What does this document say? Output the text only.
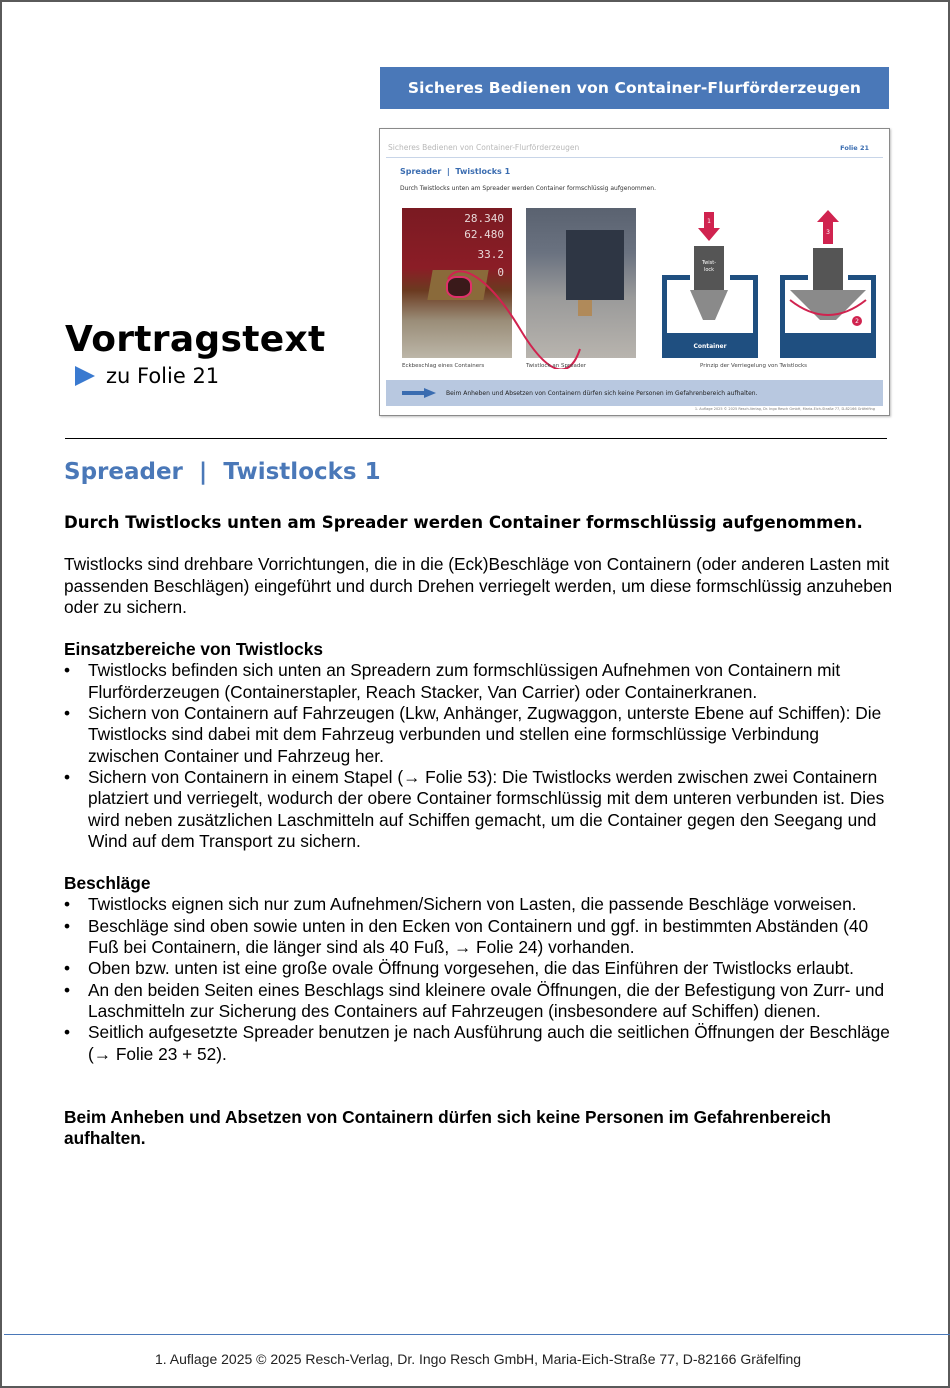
Sicheres Bedienen von Container-Flurförderzeugen
Sicheres Bedienen von Container-Flurförderzeugen	Folie 21
Spreader  |  Twistlocks 1
Durch Twistlocks unten am Spreader werden Container formschlüssig aufgenommen.
28.340
62.480
33.2
0
Eckbeschlag eines Containers	Twistlock an Spreader
Container
Twist-
lock
1
2
3
Prinzip der Verriegelung von Twistlocks
Beim Anheben und Absetzen von Containern dürfen sich keine Personen im Gefahrenbereich aufhalten.
1. Auflage 2025 © 2025 Resch-Verlag, Dr. Ingo Resch GmbH, Maria-Eich-Straße 77, D-82166 Gräfelfing
Vortragstext
zu Folie 21
Spreader  |  Twistlocks 1

Durch Twistlocks unten am Spreader werden Container formschlüssig aufgenommen.

Twistlocks sind drehbare Vorrichtungen, die in die (Eck)Beschläge von Containern (oder anderen Lasten mit passenden Beschlägen) eingeführt und durch Drehen verriegelt werden, um diese formschlüssig anzuheben oder zu sichern.

Einsatzbereiche von Twistlocks

• Twistlocks befinden sich unten an Spreadern zum formschlüssigen Aufnehmen von Containern mit Flurförderzeugen (Containerstapler, Reach Stacker, Van Carrier) oder Containerkranen.
• Sichern von Containern auf Fahrzeugen (Lkw, Anhänger, Zugwaggon, unterste Ebene auf Schiffen): Die Twistlocks sind dabei mit dem Fahrzeug verbunden und stellen eine formschlüssige Verbindung zwischen Container und Fahrzeug her.
• Sichern von Containern in einem Stapel (→ Folie 53): Die Twistlocks werden zwischen zwei Containern platziert und verriegelt, wodurch der obere Container formschlüssig mit dem unteren verbunden ist. Dies wird neben zusätzlichen Laschmitteln auf Schiffen gemacht, um die Container gegen den Seegang und Wind auf dem Transport zu sichern.

Beschläge

• Twistlocks eignen sich nur zum Aufnehmen/Sichern von Lasten, die passende Beschläge vorweisen.
• Beschläge sind oben sowie unten in den Ecken von Containern und ggf. in bestimmten Abständen (40 Fuß bei Containern, die länger sind als 40 Fuß, → Folie 24) vorhanden.
• Oben bzw. unten ist eine große ovale Öffnung vorgesehen, die das Einführen der Twistlocks erlaubt.
• An den beiden Seiten eines Beschlags sind kleinere ovale Öffnungen, die der Befestigung von Zurr- und Laschmitteln zur Sicherung des Containers auf Fahrzeugen (insbesondere auf Schiffen) dienen.
• Seitlich aufgesetzte Spreader benutzen je nach Ausführung auch die seitlichen Öffnungen der Beschläge (→ Folie 23 + 52).

Beim Anheben und Absetzen von Containern dürfen sich keine Personen im Gefahrenbereich aufhalten.

1. Auflage 2025 © 2025 Resch-Verlag, Dr. Ingo Resch GmbH, Maria-Eich-Straße 77, D-82166 Gräfelfing
